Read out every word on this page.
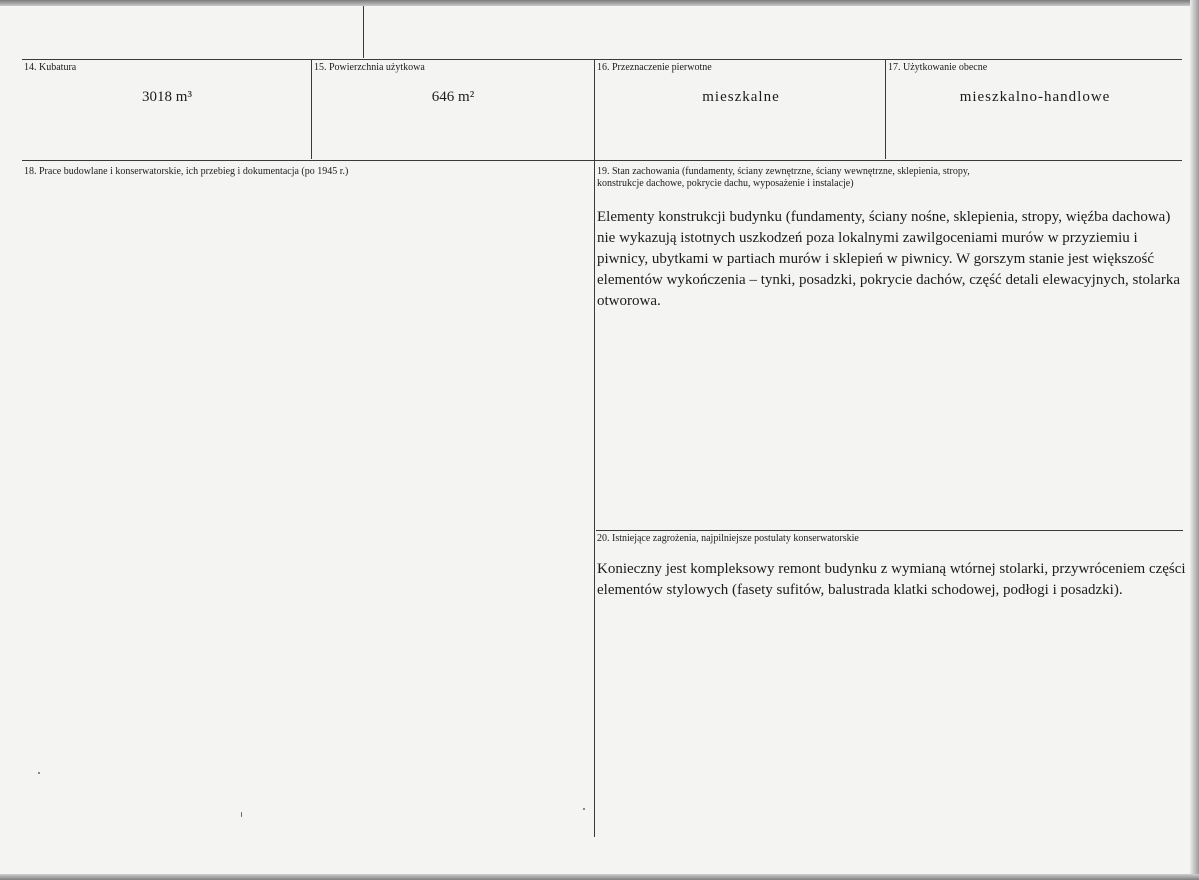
14. Kubatura
3018 m³
15. Powierzchnia użytkowa
646 m²
16. Przeznaczenie pierwotne
mieszkalne
17. Użytkowanie obecne
mieszkalno-handlowe
18. Prace budowlane i konserwatorskie, ich przebieg i dokumentacja (po 1945 r.)	19. Stan zachowania (fundamenty, ściany zewnętrzne, ściany wewnętrzne, sklepienia, stropy,
konstrukcje dachowe, pokrycie dachu, wyposażenie i instalacje)
Elementy konstrukcji budynku (fundamenty, ściany nośne, sklepienia, stropy, więźba dachowa) nie wykazują istotnych uszkodzeń poza lokalnymi zawilgoceniami murów w przyziemiu i piwnicy, ubytkami w partiach murów i sklepień w piwnicy. W gorszym stanie jest większość elementów wykończenia – tynki, posadzki, pokrycie dachów, część detali elewacyjnych, stolarka otworowa.
20. Istniejące zagrożenia, najpilniejsze postulaty konserwatorskie
Konieczny jest kompleksowy remont budynku z wymianą wtórnej stolarki, przywróceniem części elementów stylowych (fasety sufitów, balustrada klatki schodowej, podłogi i posadzki).
